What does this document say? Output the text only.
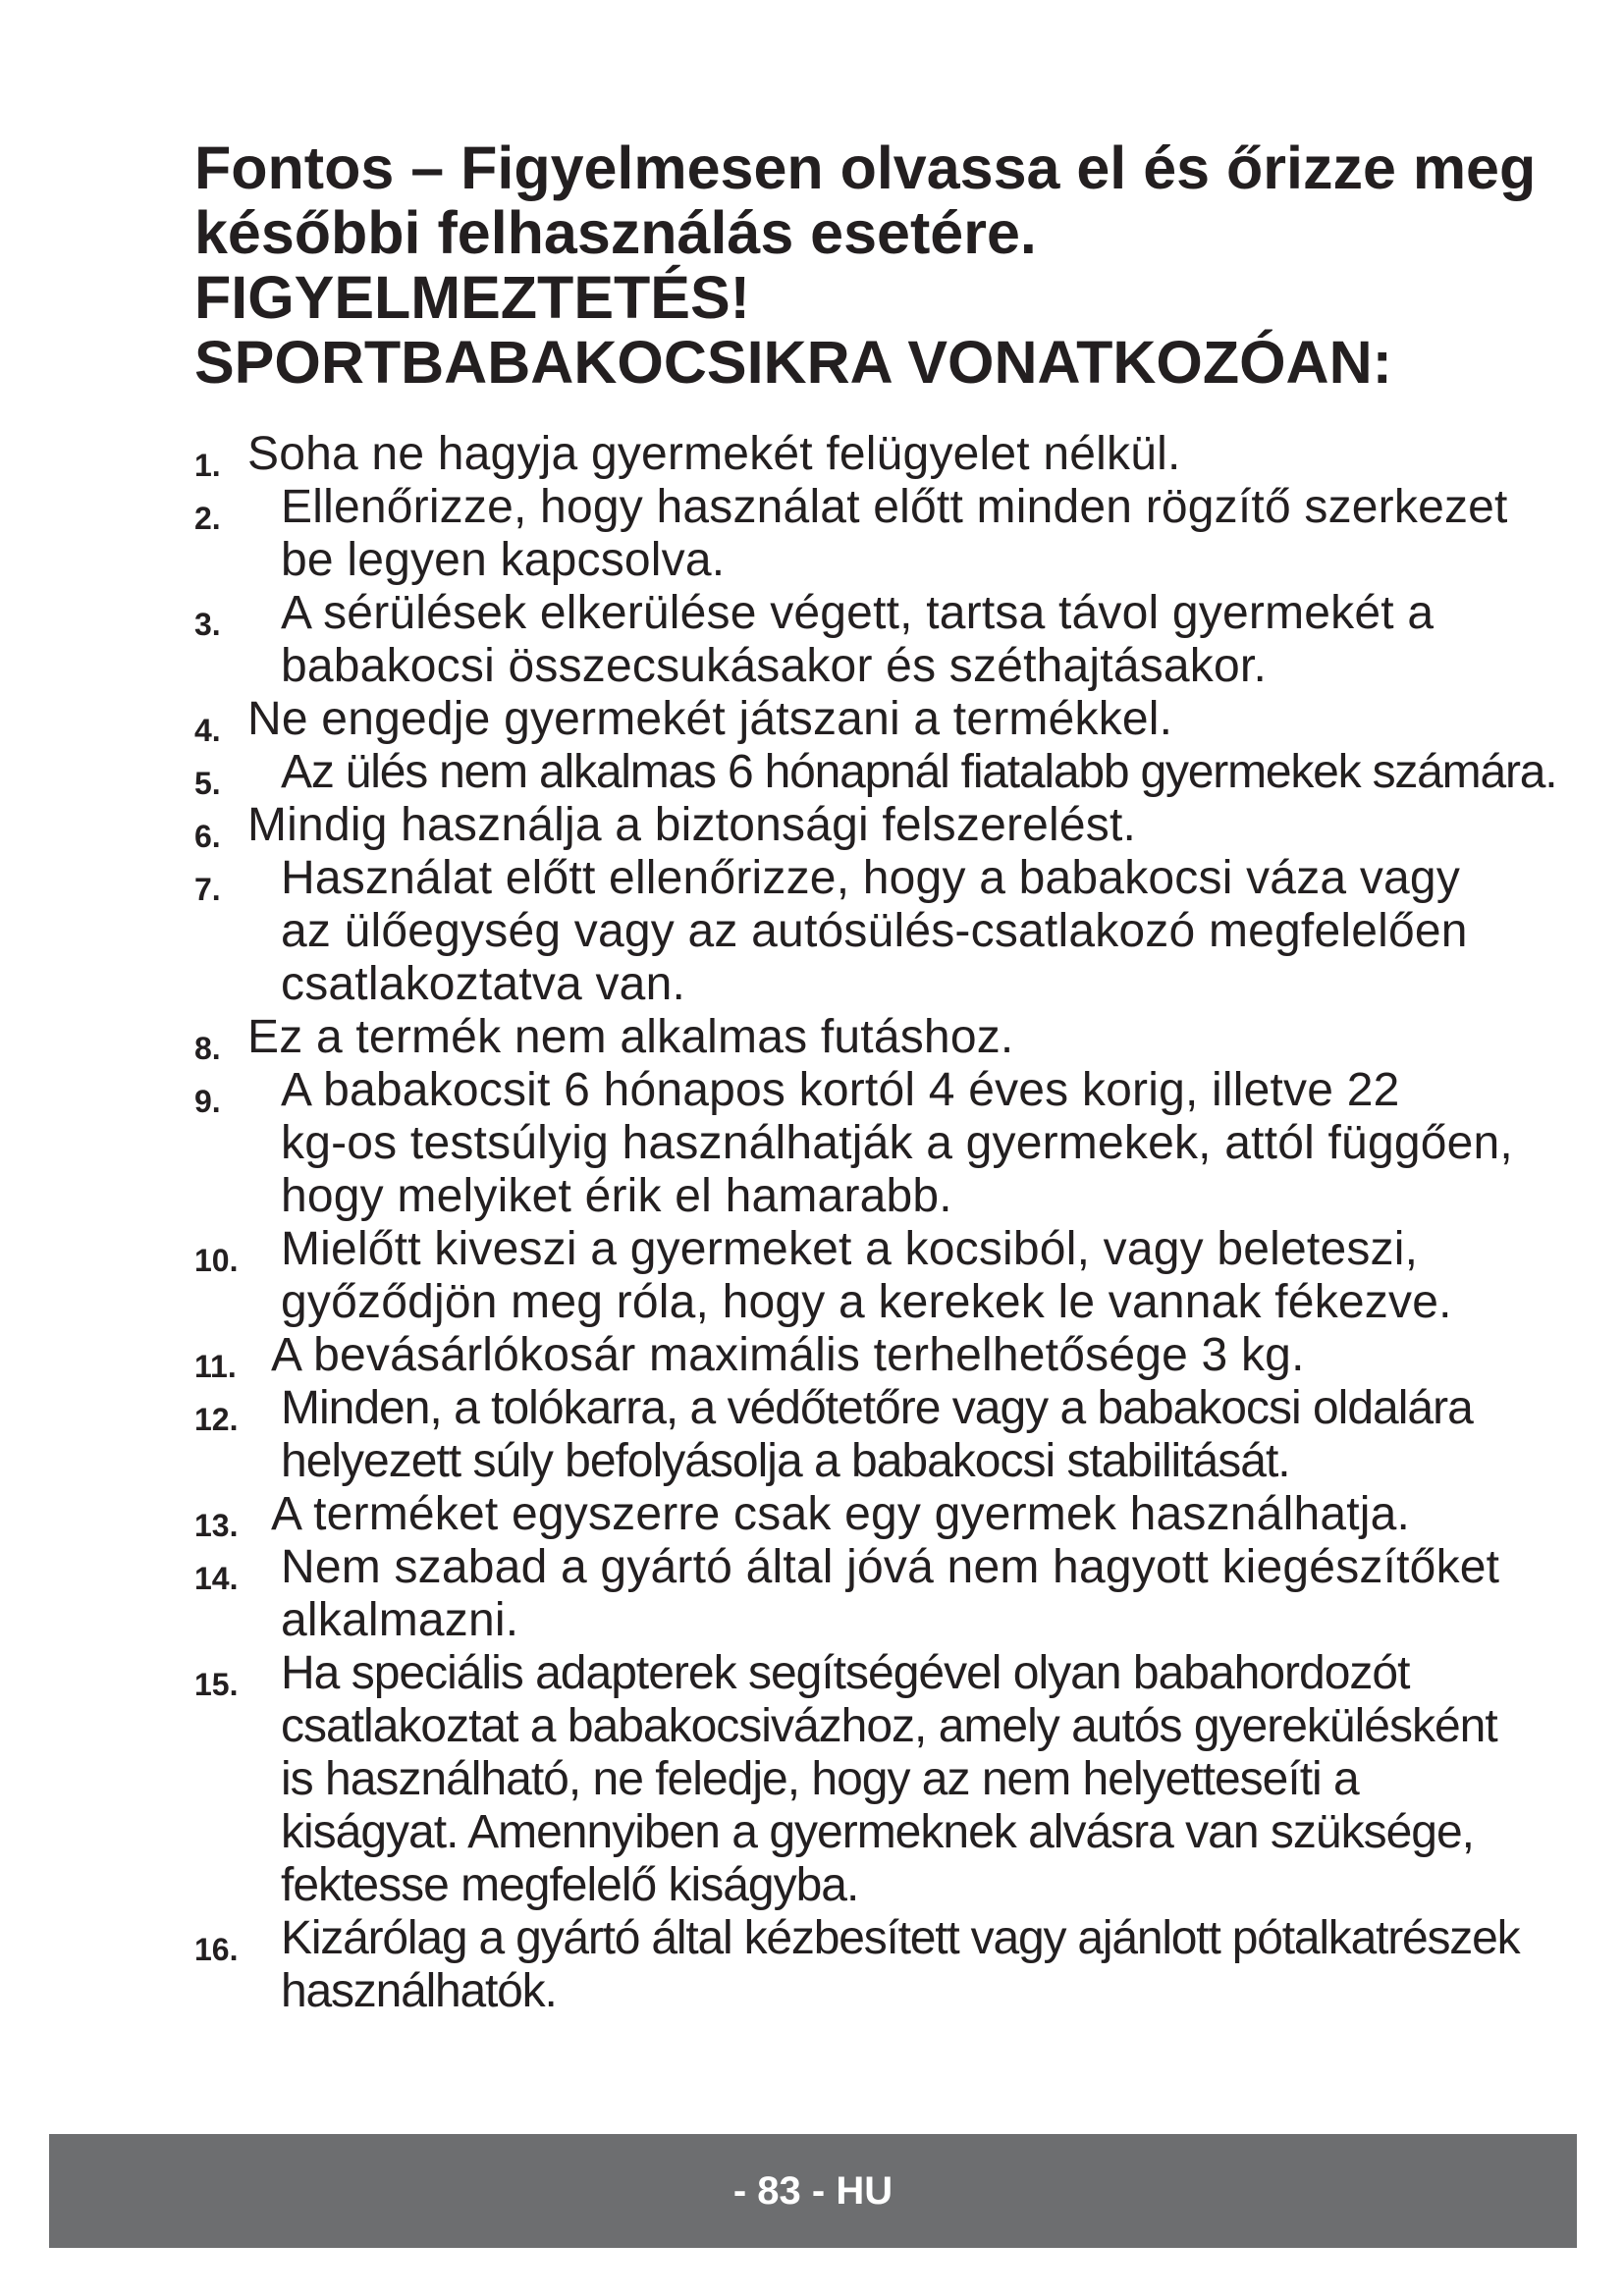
Fontos – Figyelmesen olvassa el és őrizze meg
későbbi felhasználás esetére.
FIGYELMEZTETÉS!
SPORTBABAKOCSIKRA VONATKOZÓAN:
1. Soha ne hagyja gyermekét felügyelet nélkül.
2.	Ellenőrizze, hogy használat előtt minden rögzítő szerkezet
be legyen kapcsolva.
3.	A sérülések elkerülése végett, tartsa távol gyermekét a
babakocsi összecsukásakor és széthajtásakor.
4. Ne engedje gyermekét játszani a termékkel.
5.	Az ülés nem alkalmas 6 hónapnál fiatalabb gyermekek számára.
6. Mindig használja a biztonsági felszerelést.
7.	Használat előtt ellenőrizze, hogy a babakocsi váza vagy
az ülőegység vagy az autósülés-csatlakozó megfelelően
csatlakoztatva van.
8. Ez a termék nem alkalmas futáshoz.
9.	A babakocsit 6 hónapos kortól 4 éves korig, illetve 22
kg-os testsúlyig használhatják a gyermekek, attól függően,
hogy melyiket érik el hamarabb.
10. Mielőtt kiveszi a gyermeket a kocsiból, vagy beleteszi,
győződjön meg róla, hogy a kerekek le vannak fékezve.
11. A bevásárlókosár maximális terhelhetősége 3 kg.
12. Minden, a tolókarra, a védőtetőre vagy a babakocsi oldalára
helyezett súly befolyásolja a babakocsi stabilitását.
13. A terméket egyszerre csak egy gyermek használhatja.
14. Nem szabad a gyártó által jóvá nem hagyott kiegészítőket
alkalmazni.
15. Ha speciális adapterek segítségével olyan babahordozót
csatlakoztat a babakocsivázhoz, amely autós gyerekülésként
is használható, ne feledje, hogy az nem helyetteseíti a
kiságyat. Amennyiben a gyermeknek alvásra van szüksége,
fektesse megfelelő kiságyba.
16. Kizárólag a gyártó által kézbesített vagy ajánlott pótalkatrészek
használhatók.
- 83 - HU
